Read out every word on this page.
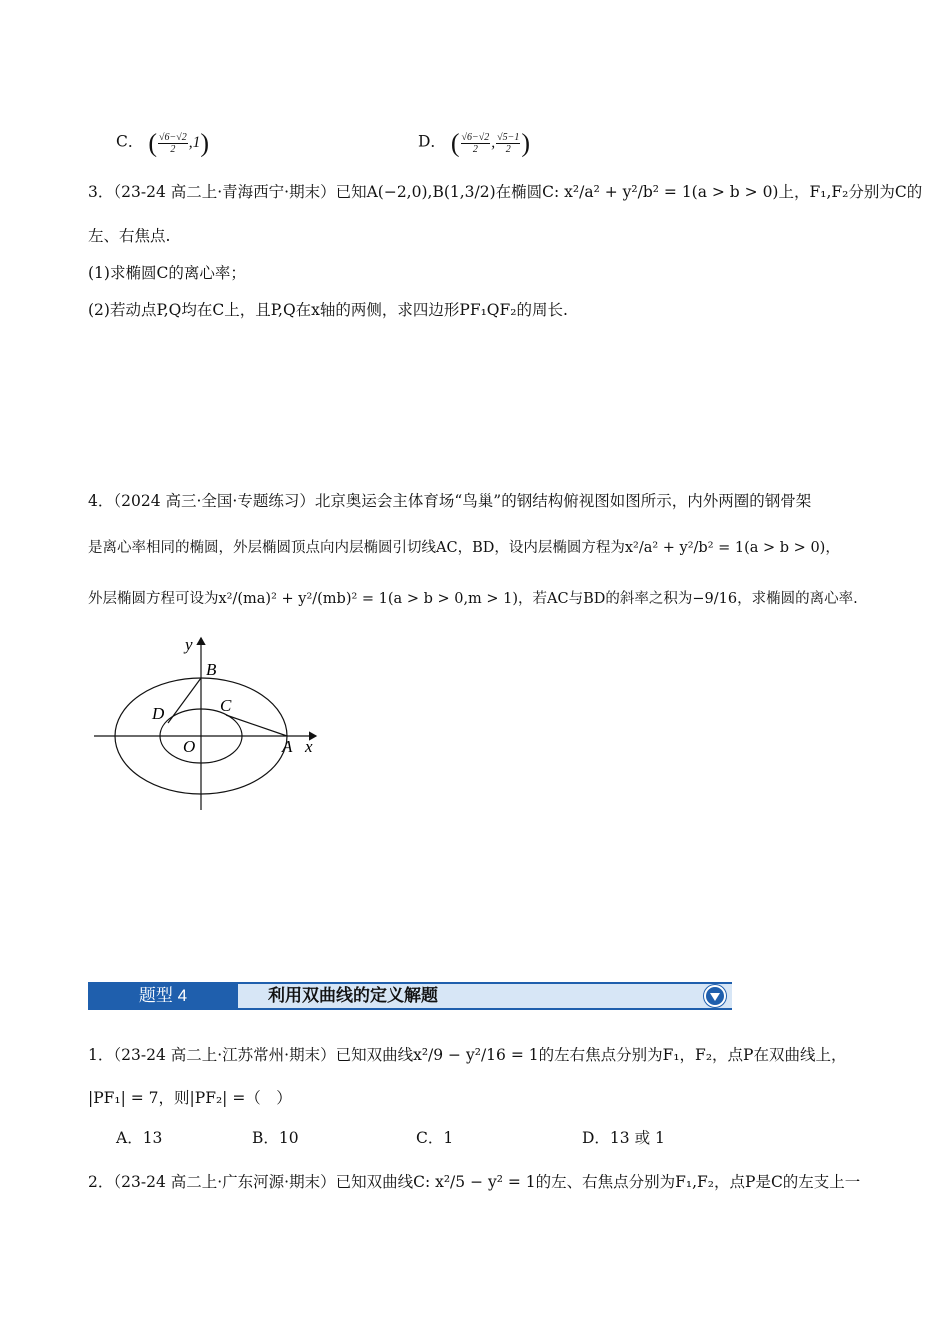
C． ( $\frac{√6-√2}{2} ,1$)	D． ( $\frac{√6-√2}{2}$ , $\frac{√5-1}{2}$ )
3．（23-24 高二上·青海西宁·期末）已知A(−2,0),B(1,3/2)在椭圆C: x²/a² + y²/b² = 1(a > b > 0)上，F₁,F₂分别为C的
左、右焦点.
(1)求椭圆C的离心率；
(2)若动点P,Q均在C上，且P,Q在x轴的两侧，求四边形PF₁QF₂的周长.
4．（2024 高三·全国·专题练习）北京奥运会主体育场“鸟巢”的钢结构俯视图如图所示，内外两圈的钢骨架
是离心率相同的椭圆，外层椭圆顶点向内层椭圆引切线AC，BD，设内层椭圆方程为x²/a² + y²/b² = 1(a > b > 0)，
外层椭圆方程可设为x²/(ma)² + y²/(mb)² = 1(a > b > 0,m > 1)，若AC与BD的斜率之积为−9/16，求椭圆的离心率.
y
B
C
D
O	A x
题型 4	利用双曲线的定义解题
1．（23-24 高二上·江苏常州·期末）已知双曲线x²/9 − y²/16 = 1的左右焦点分别为F₁，F₂，点P在双曲线上，
|PF₁| = 7，则|PF₂| =（　）
A．13	B．10	C．1	D．13 或 1
2．（23-24 高二上·广东河源·期末）已知双曲线C: x²/5 − y² = 1的左、右焦点分别为F₁,F₂，点P是C的左支上一
